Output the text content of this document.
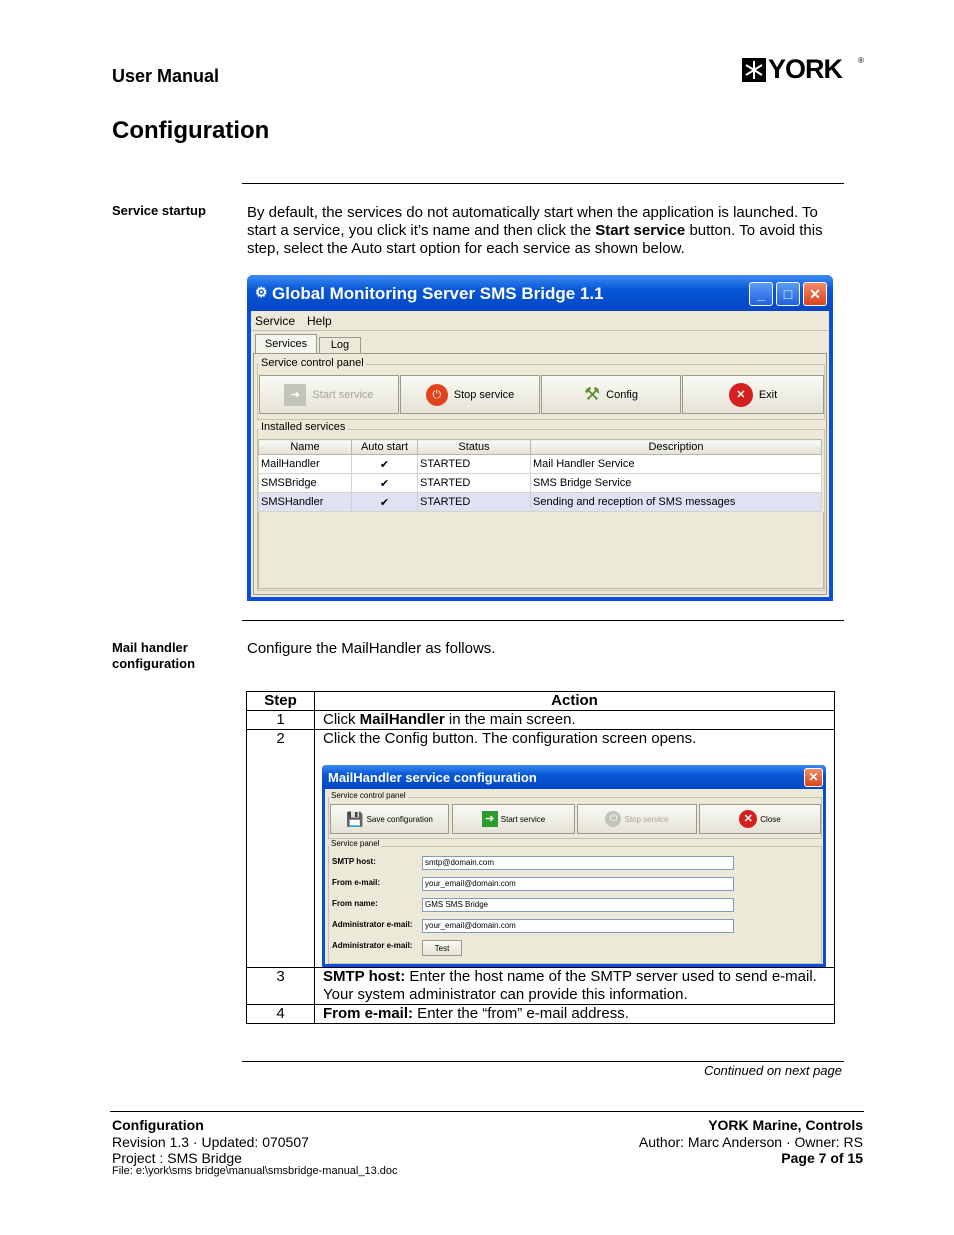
User Manual	YORK ®
Configuration
Service startup	By default, the services do not automatically start when the application is launched. To start a service, you click it’s name and then click the Start service button. To avoid this step, select the Auto start option for each service as shown below.
⚙ Global Monitoring Server SMS Bridge 1.1	_	□	✕
Service Help
Services	Log
Service control panel
➔	Start service	⏻	Stop service	⚒ Config	✕	Exit
Installed services
Name	Auto start	Status	Description
MailHandler	✔	STARTED	Mail Handler Service
SMSBridge	✔	STARTED	SMS Bridge Service
SMSHandler	✔	STARTED	Sending and reception of SMS messages
Mail handler
configuration
Configure the MailHandler as follows.
Step	Action
1	Click MailHandler in the main screen.
2	Click the Config button. The configuration screen opens.
3	SMTP host: Enter the host name of the SMTP server used to send e-mail. Your system administrator can provide this information.
4	From e-mail: Enter the “from” e-mail address.
MailHandler service configuration	✕
Service control panel
💾 Save configuration	➔ Start service	⏻ Stop service	✕ Close
Service panel
SMTP host:	smtp@domain.com
From e-mail:	your_email@domain.com
From name:	GMS SMS Bridge
Administrator e-mail:	your_email@domain.com
Administrator e-mail:	Test
Continued on next page
Configuration
Revision 1.3 · Updated: 070507
Project : SMS Bridge
File: e:\york\sms bridge\manual\smsbridge-manual_13.doc
YORK Marine, Controls
Author: Marc Anderson · Owner: RS
Page 7 of 15
